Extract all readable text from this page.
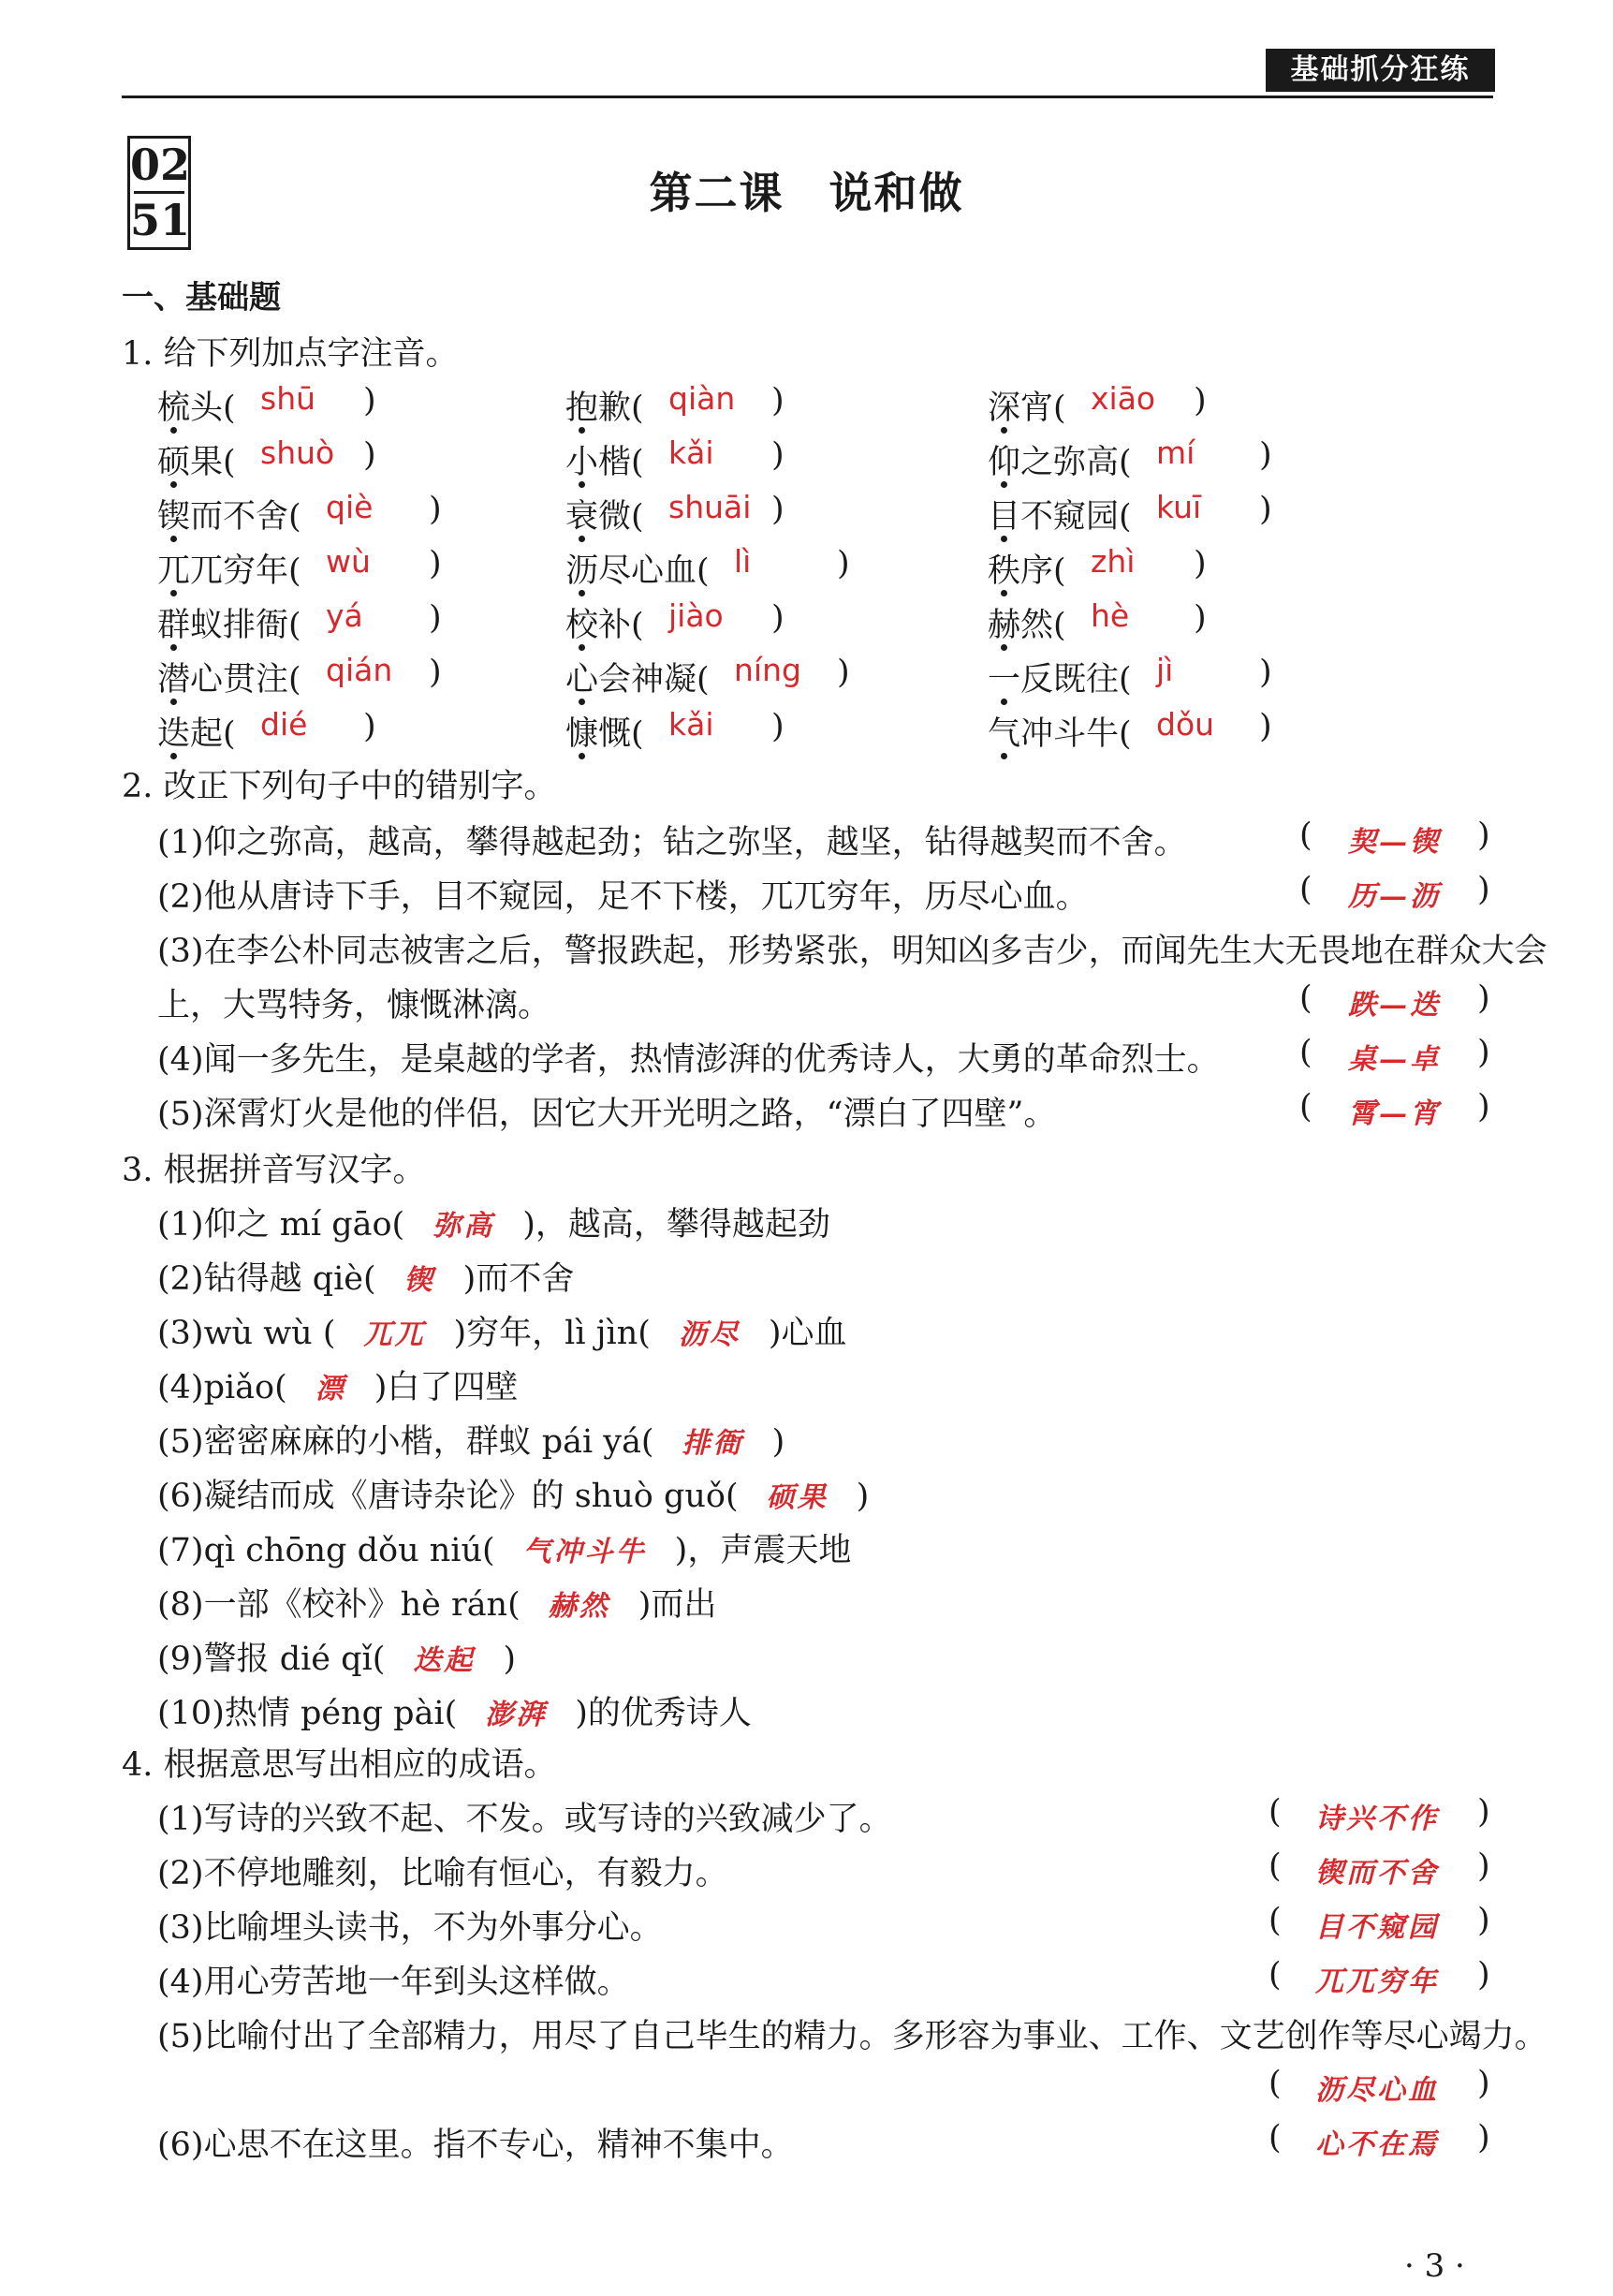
基础抓分狂练
02
51
第二课　说和做
一、基础题
1. 给下列加点字注音。
梳头( shū )	抱歉( qiàn )	深宵( xiāo )
硕果( shuò )	小楷( kǎi )	仰之弥高( mí )
锲而不舍( qiè )	衰微( shuāi )	目不窥园( kuī )
兀兀穷年( wù )	沥尽心血( lì	)	秩序( zhì )
群蚁排衙( yá )	校补( jiào )	赫然( hè )
潜心贯注( qián )	心会神凝( níng )	一反既往( jì	)
迭起( dié )	慷慨( kǎi )	气冲斗牛( dǒu )
2. 改正下列句子中的错别字。
(1)仰之弥高，越高，攀得越起劲；钻之弥坚，越坚，钻得越契而不舍。	( 契—锲 )
(2)他从唐诗下手，目不窥园，足不下楼，兀兀穷年，历尽心血。	( 历—沥 )
(3)在李公朴同志被害之后，警报跌起，形势紧张，明知凶多吉少，而闻先生大无畏地在群众大会
上，大骂特务，慷慨淋漓。	( 跌—迭 )
(4)闻一多先生，是桌越的学者，热情澎湃的优秀诗人，大勇的革命烈士。 ( 桌—卓 )
(5)深霄灯火是他的伴侣，因它大开光明之路，“漂白了四壁”。	( 霄—宵 )
3. 根据拼音写汉字。
(1)仰之 mí gāo( 弥高 )，越高，攀得越起劲
(2)钻得越 qiè( 锲 )而不舍
(3)wù wù ( 兀兀 )穷年，lì jìn( 沥尽 )心血
(4)piǎo( 漂 )白了四壁
(5)密密麻麻的小楷，群蚁 pái yá( 排衙 )
(6)凝结而成《唐诗杂论》的 shuò guǒ( 硕果 )
(7)qì chōng dǒu niú( 气冲斗牛 )，声震天地
(8)一部《校补》hè rán( 赫然 )而出
(9)警报 dié qǐ( 迭起 )
(10)热情 péng pài( 澎湃 )的优秀诗人
4. 根据意思写出相应的成语。
(1)写诗的兴致不起、不发。或写诗的兴致减少了。	( 诗兴不作 )
(2)不停地雕刻，比喻有恒心，有毅力。	( 锲而不舍 )
(3)比喻埋头读书，不为外事分心。	( 目不窥园 )
(4)用心劳苦地一年到头这样做。	( 兀兀穷年 )
(5)比喻付出了全部精力，用尽了自己毕生的精力。多形容为事业、工作、文艺创作等尽心竭力。
( 沥尽心血 )
(6)心思不在这里。指不专心，精神不集中。	( 心不在焉 )
· 3 ·
